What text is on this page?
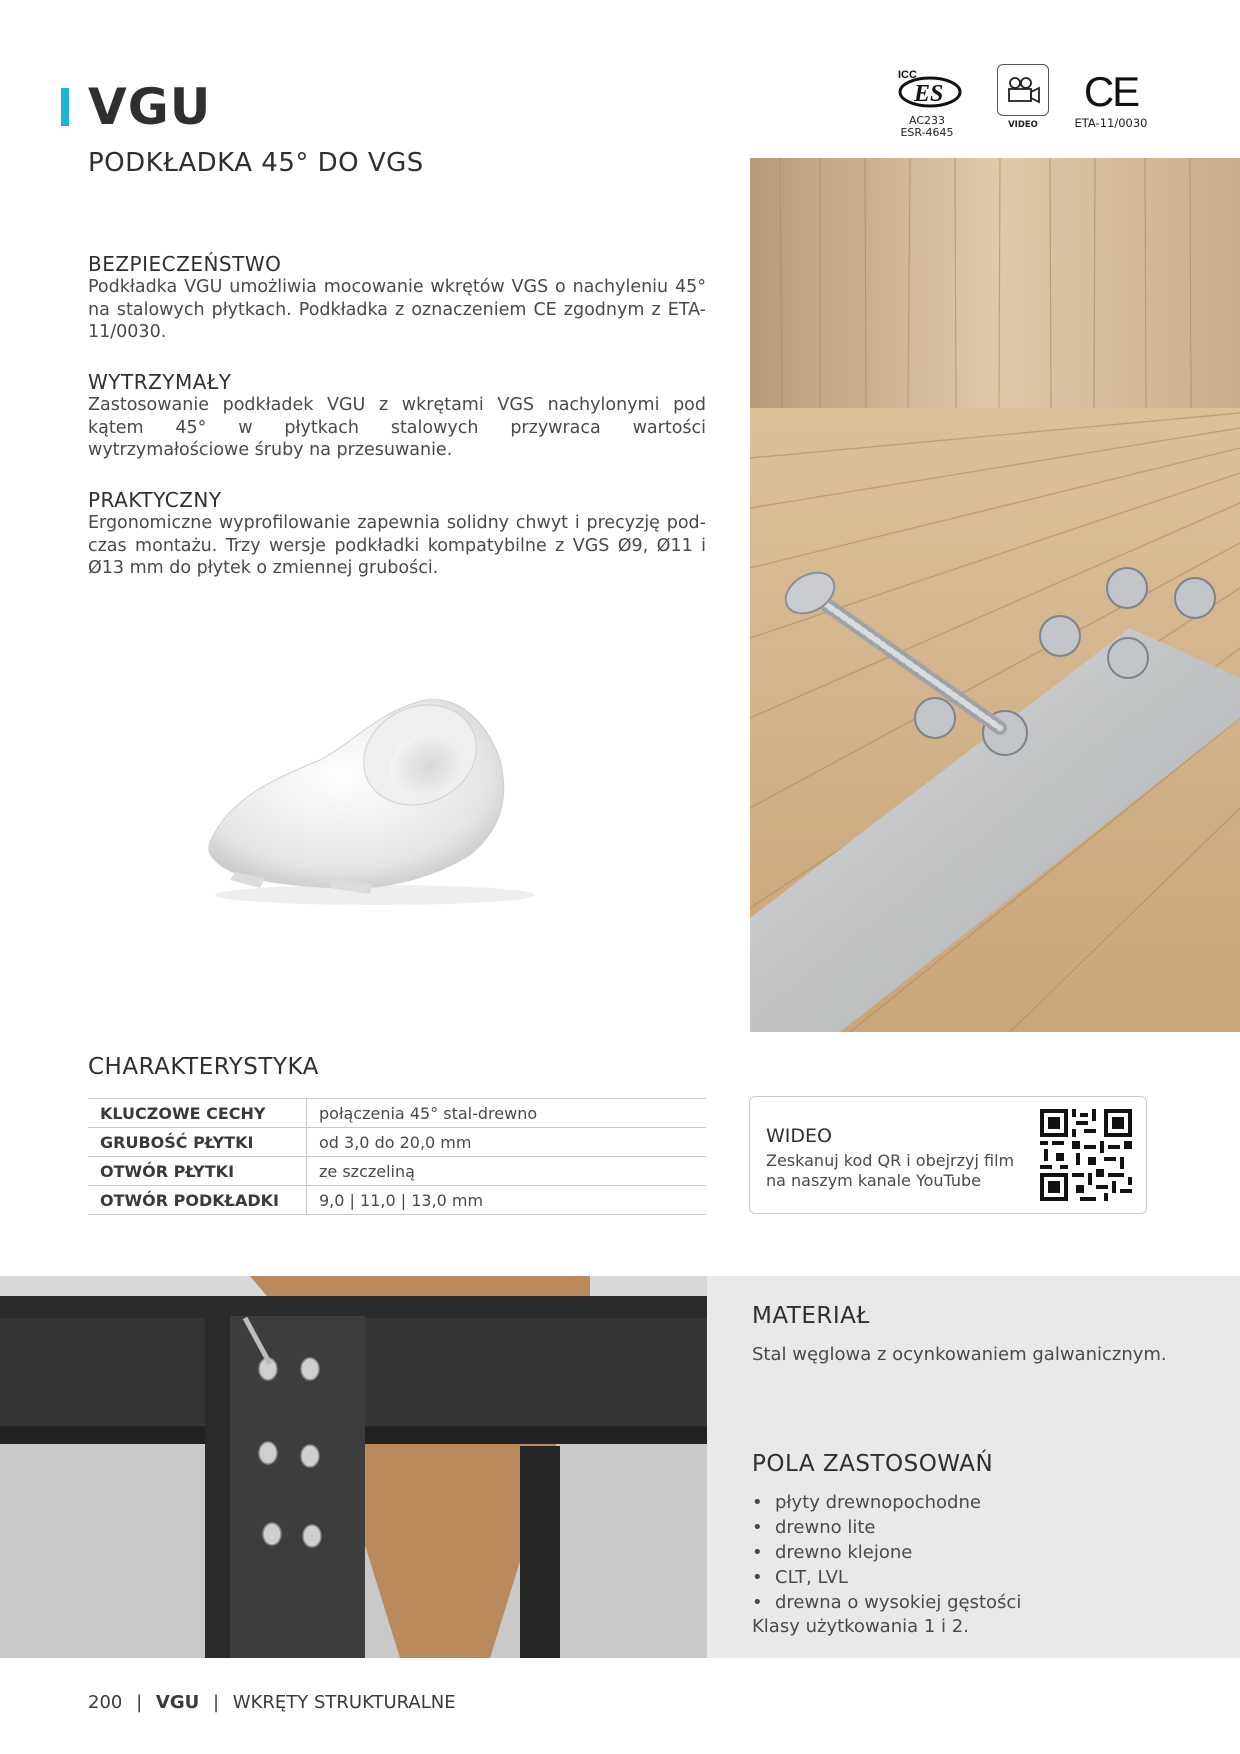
VGU
PODKŁADKA 45° DO VGS
ICC
ES
AC233
ESR-4645
VIDEO
CE
ETA-11/0030
BEZPIECZEŃSTWO
Podkładka VGU umożliwia mocowanie wkrętów VGS o nachyleniu 45° na stalowych płytkach. Podkładka z oznaczeniem CE zgodnym z ETA-11/0030.
WYTRZYMAŁY
Zastosowanie podkładek VGU z wkrętami VGS nachylonymi pod kątem 45° w płytkach stalowych przywraca wartości wytrzymałościowe śruby na przesuwanie.
PRAKTYCZNY
Ergonomiczne wyprofilowanie zapewnia solidny chwyt i precyzję podczas montażu. Trzy wersje podkładki kompatybilne z VGS Ø9, Ø11 i Ø13 mm do płytek o zmiennej grubości.
CHARAKTERYSTYKA
KLUCZOWE CECHY	połączenia 45° stal-drewno
GRUBOŚĆ PŁYTKI	od 3,0 do 20,0 mm
OTWÓR PŁYTKI	ze szczeliną
OTWÓR PODKŁADKI	9,0 | 11,0 | 13,0 mm
WIDEO
Zeskanuj kod QR i obejrzyj film
na naszym kanale YouTube
MATERIAŁ
Stal węglowa z ocynkowaniem galwanicznym.
POLA ZASTOSOWAŃ
• płyty drewnopochodne
• drewno lite
• drewno klejone
• CLT, LVL
• drewna o wysokiej gęstości
Klasy użytkowania 1 i 2.
200 | VGU | WKRĘTY STRUKTURALNE
